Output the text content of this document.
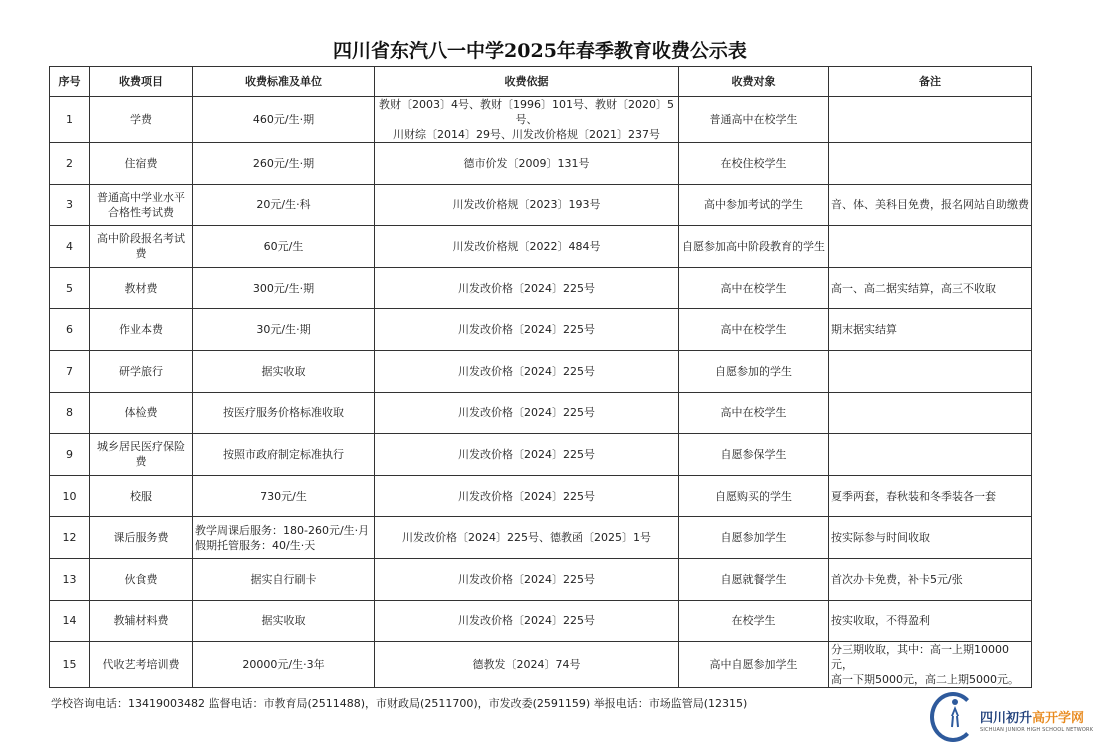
四川省东汽八一中学2025年春季教育收费公示表
序号	收费项目	收费标准及单位	收费依据	收费对象	备注
1	学费	460元/生·期	教财〔2003〕4号、教财〔1996〕101号、教财〔2020〕5号、
川财综〔2014〕29号、川发改价格规〔2021〕237号	普通高中在校学生	
2	住宿费	260元/生·期	德市价发〔2009〕131号	在校住校学生	
3	普通高中学业水平
合格性考试费	20元/生·科	川发改价格规〔2023〕193号	高中参加考试的学生	音、体、美科目免费，报名网站自助缴费
4	高中阶段报名考试费	60元/生	川发改价格规〔2022〕484号	自愿参加高中阶段教育的学生	
5	教材费	300元/生·期	川发改价格〔2024〕225号	高中在校学生	高一、高二据实结算，高三不收取
6	作业本费	30元/生·期	川发改价格〔2024〕225号	高中在校学生	期末据实结算
7	研学旅行	据实收取	川发改价格〔2024〕225号	自愿参加的学生	
8	体检费	按医疗服务价格标准收取	川发改价格〔2024〕225号	高中在校学生	
9	城乡居民医疗保险费	按照市政府制定标准执行	川发改价格〔2024〕225号	自愿参保学生	
10	校服	730元/生	川发改价格〔2024〕225号	自愿购买的学生	夏季两套，春秋装和冬季装各一套
12	课后服务费	教学周课后服务：180-260元/生·月
假期托管服务：40/生·天	川发改价格〔2024〕225号、德教函〔2025〕1号	自愿参加学生	按实际参与时间收取
13	伙食费	据实自行刷卡	川发改价格〔2024〕225号	自愿就餐学生	首次办卡免费，补卡5元/张
14	教辅材料费	据实收取	川发改价格〔2024〕225号	在校学生	按实收取，不得盈利
15	代收艺考培训费	20000元/生·3年	德教发〔2024〕74号	高中自愿参加学生	分三期收取，其中：高一上期10000元，
高一下期5000元，高二上期5000元。
学校咨询电话：13419003482 监督电话：市教育局(2511488)，市财政局(2511700)，市发改委(2591159) 举报电话：市场监管局(12315)
四川初升高开学网
SICHUAN JUNIOR HIGH SCHOOL NETWORK
